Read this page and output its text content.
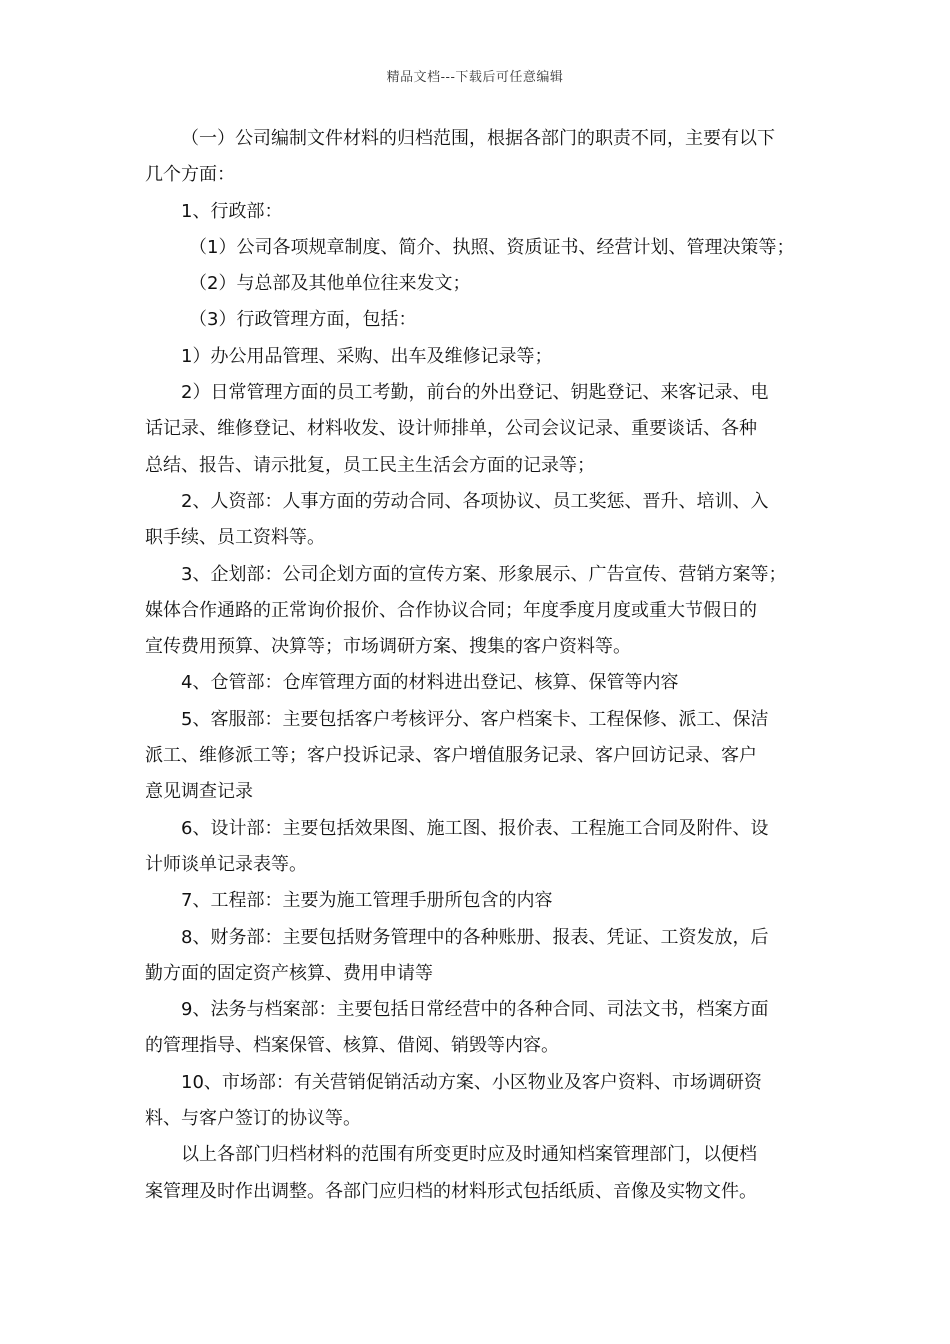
精品文档---下载后可任意编辑
（一）公司编制文件材料的归档范围，根据各部门的职责不同，主要有以下
几个方面：
1、行政部：
（1）公司各项规章制度、简介、执照、资质证书、经营计划、管理决策等；
（2）与总部及其他单位往来发文；
（3）行政管理方面，包括：
1）办公用品管理、采购、出车及维修记录等；
2）日常管理方面的员工考勤，前台的外出登记、钥匙登记、来客记录、电
话记录、维修登记、材料收发、设计师排单，公司会议记录、重要谈话、各种
总结、报告、请示批复，员工民主生活会方面的记录等；
2、人资部：人事方面的劳动合同、各项协议、员工奖惩、晋升、培训、入
职手续、员工资料等。
3、企划部：公司企划方面的宣传方案、形象展示、广告宣传、营销方案等；
媒体合作通路的正常询价报价、合作协议合同；年度季度月度或重大节假日的
宣传费用预算、决算等；市场调研方案、搜集的客户资料等。
4、仓管部：仓库管理方面的材料进出登记、核算、保管等内容
5、客服部：主要包括客户考核评分、客户档案卡、工程保修、派工、保洁
派工、维修派工等；客户投诉记录、客户增值服务记录、客户回访记录、客户
意见调查记录
6、设计部：主要包括效果图、施工图、报价表、工程施工合同及附件、设
计师谈单记录表等。
7、工程部：主要为施工管理手册所包含的内容
8、财务部：主要包括财务管理中的各种账册、报表、凭证、工资发放，后
勤方面的固定资产核算、费用申请等
9、法务与档案部：主要包括日常经营中的各种合同、司法文书，档案方面
的管理指导、档案保管、核算、借阅、销毁等内容。
10、市场部：有关营销促销活动方案、小区物业及客户资料、市场调研资
料、与客户签订的协议等。
以上各部门归档材料的范围有所变更时应及时通知档案管理部门，以便档
案管理及时作出调整。各部门应归档的材料形式包括纸质、音像及实物文件。
